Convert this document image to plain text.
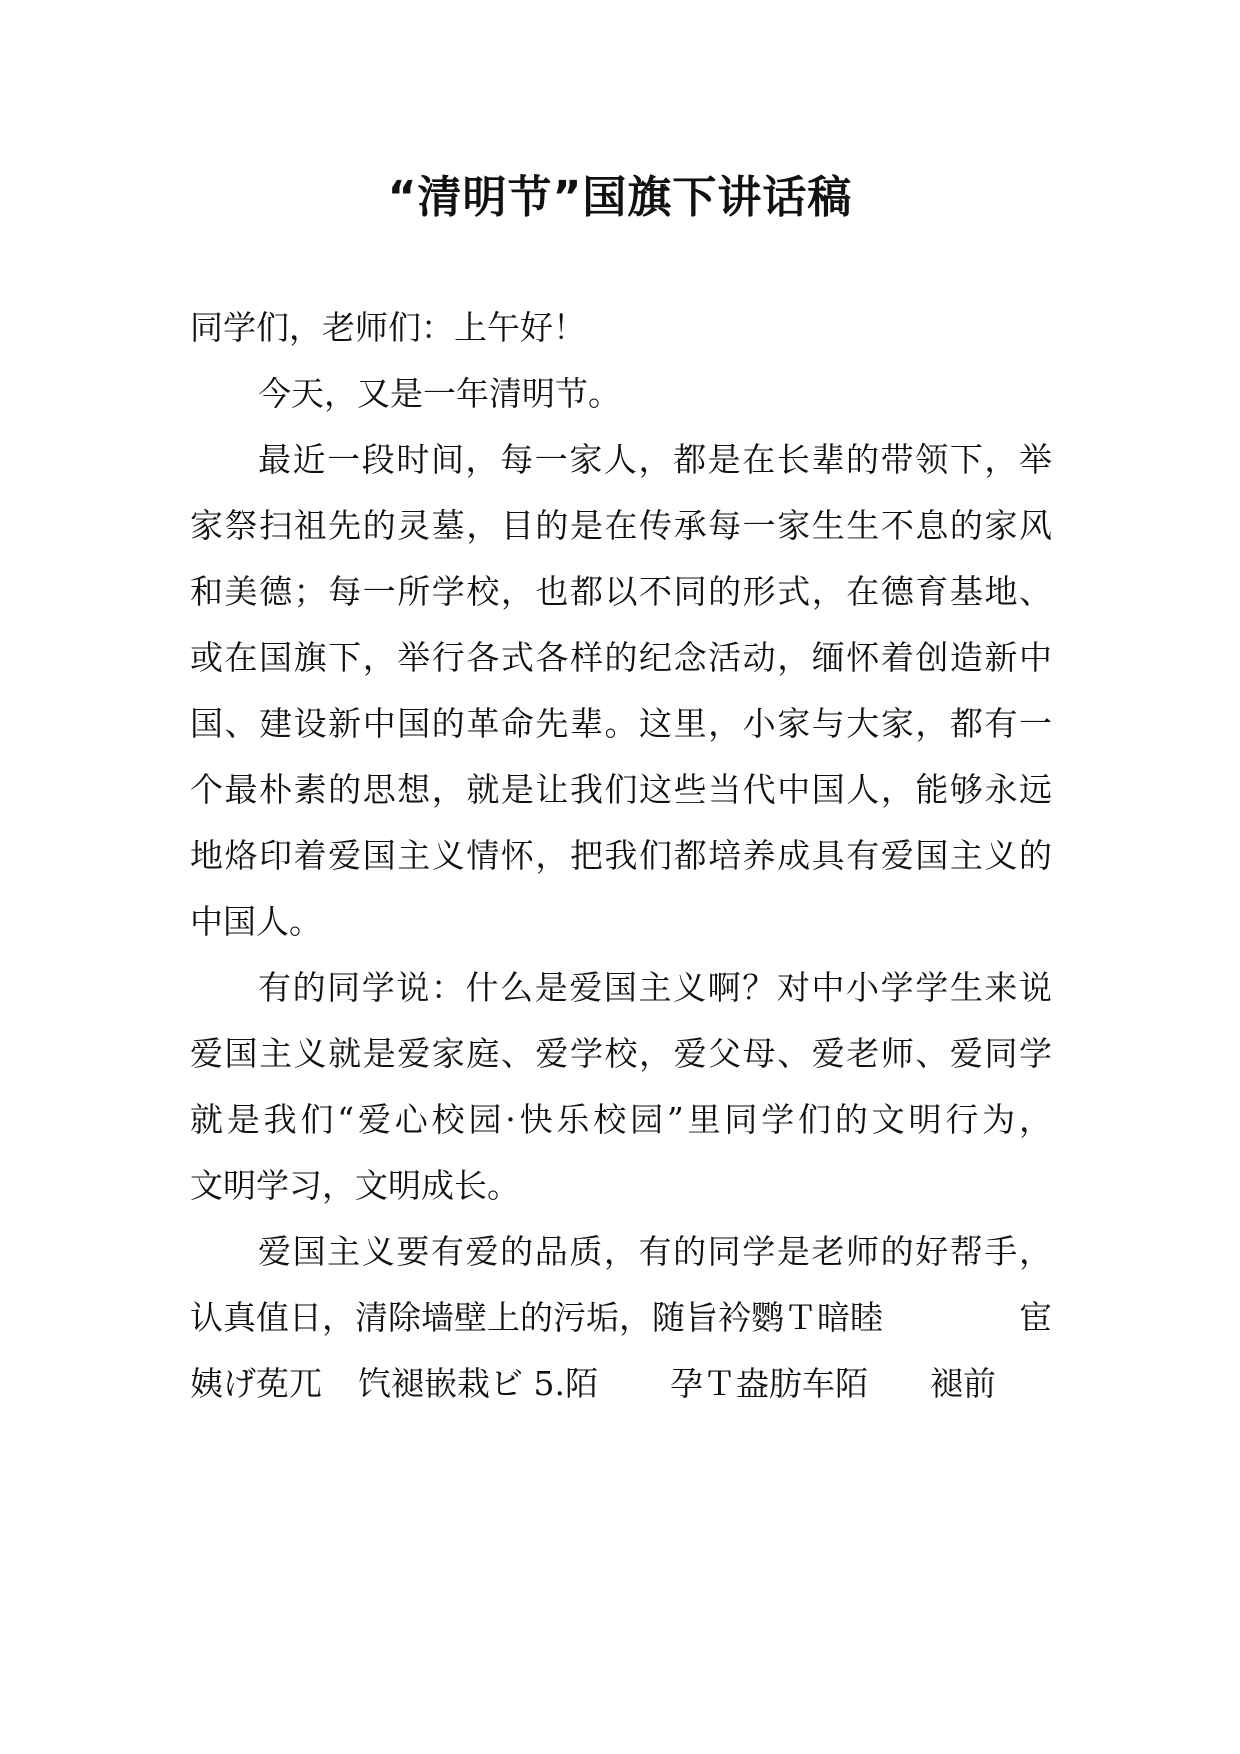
“清明节”国旗下讲话稿

同学们，老师们：上午好！

今天，又是一年清明节。

最近一段时间，每一家人，都是在长辈的带领下，举

家祭扫祖先的灵墓，目的是在传承每一家生生不息的家风

和美德；每一所学校，也都以不同的形式，在德育基地、

或在国旗下，举行各式各样的纪念活动，缅怀着创造新中

国、建设新中国的革命先辈。这里，小家与大家，都有一

个最朴素的思想，就是让我们这些当代中国人，能够永远

地烙印着爱国主义情怀，把我们都培养成具有爱国主义的

中国人。

有的同学说：什么是爱国主义啊？对中小学学生来说

爱国主义就是爱家庭、爱学校，爱父母、爱老师、爱同学

就是我们“爱心校园·快乐校园”里同学们的文明行为，

文明学习，文明成长。

爱国主义要有爱的品质，有的同学是老师的好帮手，

认真值日，清除墙壁上的污垢，随旨衿鹦Ｔ暗睦	宦
姨げ莬兀 饩褪嵌栽ビ 5.陌 孕Ｔ盎肪车陌 褪前
